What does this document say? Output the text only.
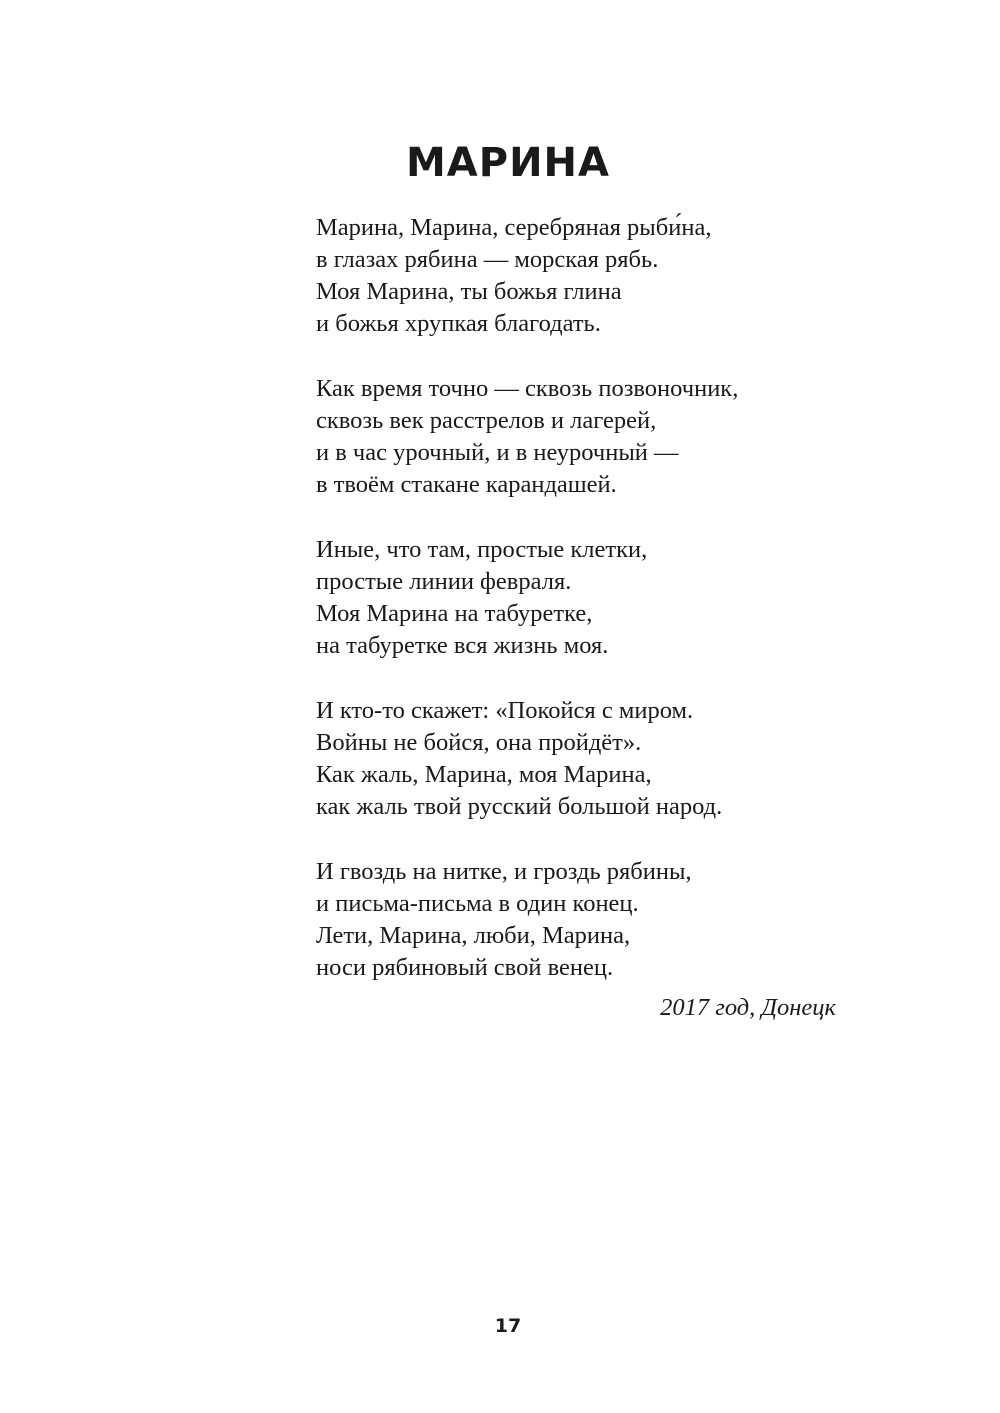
МАРИНА

Марина, Марина, серебряная рыби́на,
в глазах рябина — морская рябь.
Моя Марина, ты божья глина
и божья хрупкая благодать.

Как время точно — сквозь позвоночник,
сквозь век расстрелов и лагерей,
и в час урочный, и в неурочный —
в твоём стакане карандашей.

Иные, что там, простые клетки,
простые линии февраля.
Моя Марина на табуретке,
на табуретке вся жизнь моя.

И кто-то скажет: «Покойся с миром.
Войны не бойся, она пройдёт».
Как жаль, Марина, моя Марина,
как жаль твой русский большой народ.

И гвоздь на нитке, и гроздь рябины,
и письма-письма в один конец.
Лети, Марина, люби, Марина,
носи рябиновый свой венец.

2017 год, Донецк
17
